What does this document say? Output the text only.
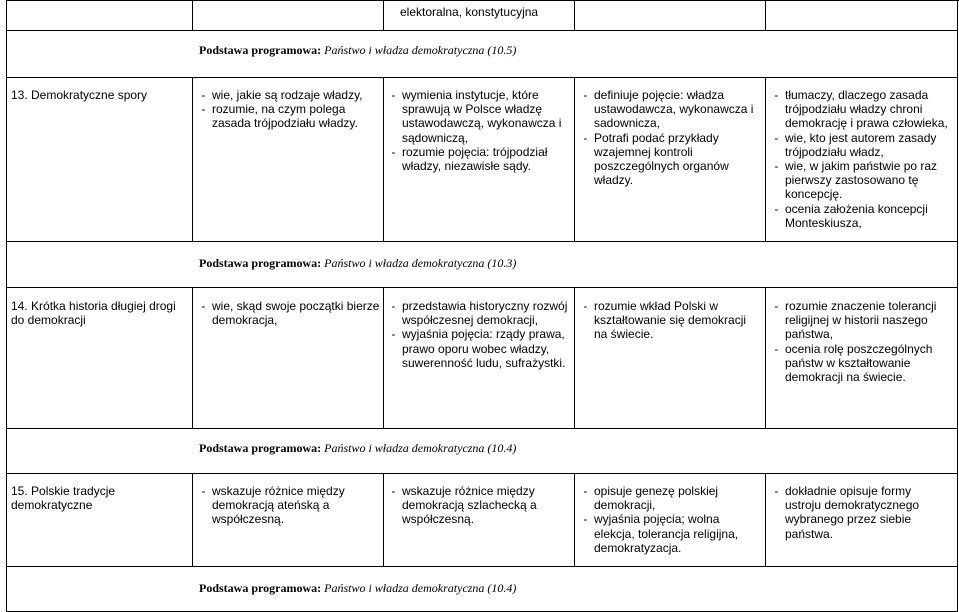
elektoralna, konstytucyjna
Podstawa programowa: Państwo i władza demokratyczna (10.5)
Podstawa programowa: Państwo i władza demokratyczna (10.3)
Podstawa programowa: Państwo i władza demokratyczna (10.4)
Podstawa programowa: Państwo i władza demokratyczna (10.4)
13. Demokratyczne spory	- wie, jakie są rodzaje władzy,
- rozumie, na czym polega zasada trójpodziału władzy.
- wymienia instytucje, które sprawują w Polsce władzę ustawodawczą, wykonawcza i sądowniczą,
- rozumie pojęcia: trójpodział władzy, niezawisłe sądy.
- definiuje pojęcie: władza ustawodawcza, wykonawcza i sadownicza,
- Potrafi podać przykłady wzajemnej kontroli poszczególnych organów władzy.
- tłumaczy, dlaczego zasada trójpodziału władzy chroni demokrację i prawa człowieka,
- wie, kto jest autorem zasady trójpodziału władz,
- wie, w jakim państwie po raz pierwszy zastosowano tę koncepcję.
- ocenia założenia koncepcji Monteskiusza,
14. Krótka historia długiej drogi do demokracji
- wie, skąd swoje początki bierze demokracja,
- przedstawia historyczny rozwój współczesnej demokracji,
- wyjaśnia pojęcia: rządy prawa, prawo oporu wobec władzy, suwerenność ludu, sufrażystki.
- rozumie wkład Polski w kształtowanie się demokracji na świecie.
- rozumie znaczenie tolerancji religijnej w historii naszego państwa,
- ocenia rolę poszczególnych państw w kształtowanie demokracji na świecie.
15. Polskie tradycje demokratyczne
- wskazuje różnice między demokracją ateńską a współczesną.
- wskazuje różnice między demokracją szlachecką a współczesną.
- opisuje genezę polskiej demokracji,
- wyjaśnia pojęcia; wolna elekcja, tolerancja religijna, demokratyzacja.
- dokładnie opisuje formy ustroju demokratycznego wybranego przez siebie państwa.
